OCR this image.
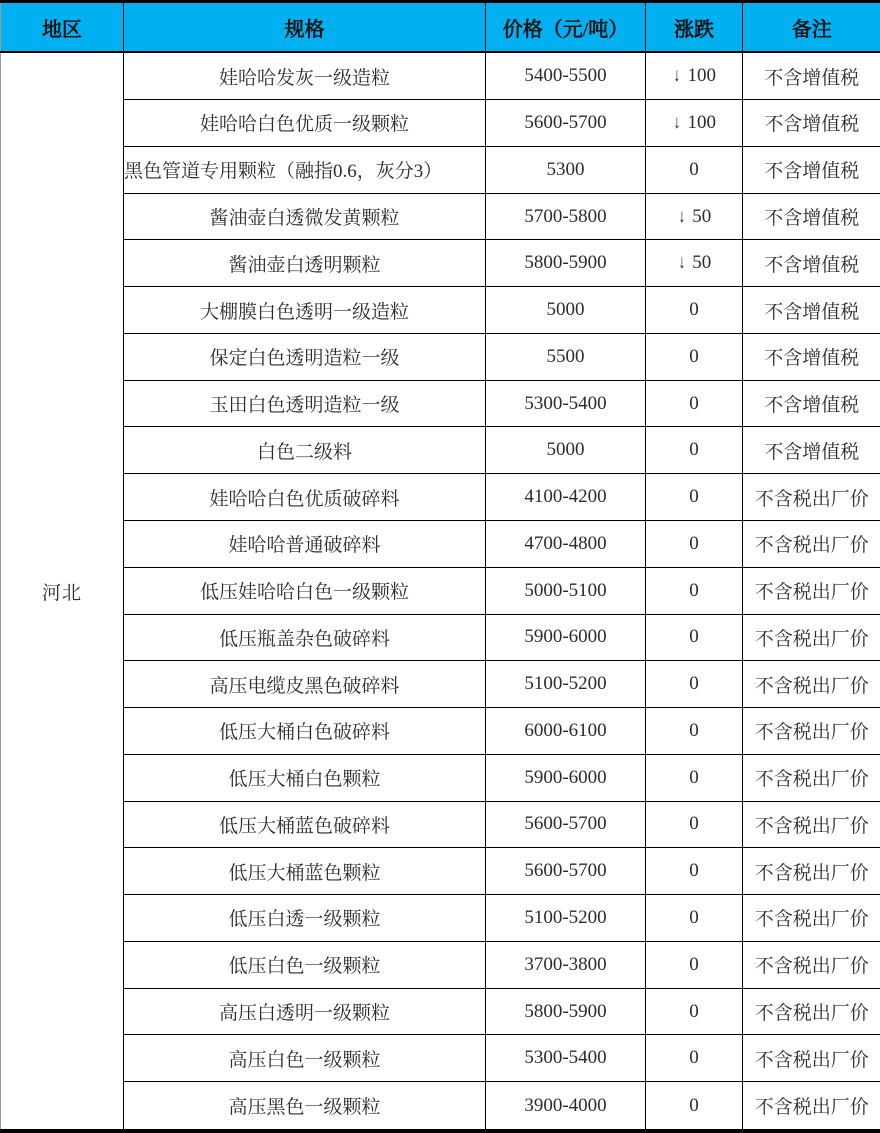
地区	规格	价格（元/吨）	涨跌	备注
河北	娃哈哈发灰一级造粒	5400-5500	↓ 100	不含增值税
	娃哈哈白色优质一级颗粒	5600-5700	↓ 100	不含增值税
	黑色管道专用颗粒（融指0.6，灰分3）	5300	0	不含增值税
	酱油壶白透微发黄颗粒	5700-5800	↓ 50	不含增值税
	酱油壶白透明颗粒	5800-5900	↓ 50	不含增值税
	大棚膜白色透明一级造粒	5000	0	不含增值税
	保定白色透明造粒一级	5500	0	不含增值税
	玉田白色透明造粒一级	5300-5400	0	不含增值税
	白色二级料	5000	0	不含增值税
	娃哈哈白色优质破碎料	4100-4200	0	不含税出厂价
	娃哈哈普通破碎料	4700-4800	0	不含税出厂价
	低压娃哈哈白色一级颗粒	5000-5100	0	不含税出厂价
	低压瓶盖杂色破碎料	5900-6000	0	不含税出厂价
	高压电缆皮黑色破碎料	5100-5200	0	不含税出厂价
	低压大桶白色破碎料	6000-6100	0	不含税出厂价
	低压大桶白色颗粒	5900-6000	0	不含税出厂价
	低压大桶蓝色破碎料	5600-5700	0	不含税出厂价
	低压大桶蓝色颗粒	5600-5700	0	不含税出厂价
	低压白透一级颗粒	5100-5200	0	不含税出厂价
	低压白色一级颗粒	3700-3800	0	不含税出厂价
	高压白透明一级颗粒	5800-5900	0	不含税出厂价
	高压白色一级颗粒	5300-5400	0	不含税出厂价
	高压黑色一级颗粒	3900-4000	0	不含税出厂价
